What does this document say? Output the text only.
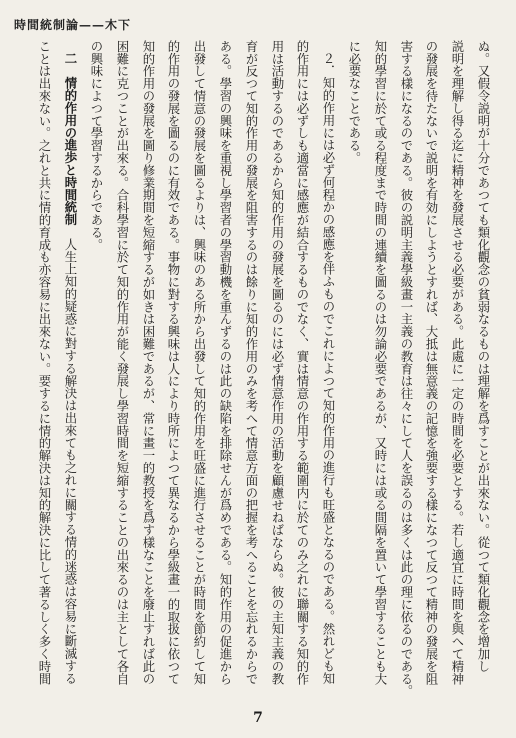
時間統制論——木下
ぬ。又假令説明が十分であつても類化觀念の貧弱なるものは理解を爲すことが出來ない。從つて類化觀念を增加し
説明を理解し得る迄に精神を發展させる必要がある。此處に一定の時間を必要とする。若し適宜に時間を與へて精神
の發展を待たないで説明を有効にしようとすれば、大抵は無意義の記憶を強要する樣になつて反つて精神の發展を阻
害する樣になるのである。彼の説明主義學級畫一主義の教育は往々にして人を誤るのは多くは此の理に依るのである。
知的學習に於て或る程度まで時間の連續を圖るのは勿論必要であるが、又時には或る間隔を置いて學習することも大
に必要なことである。
２．知的作用には必ず何程かの感應を伴ふものでこれによつて知的作用の進行も旺盛となるのである。然れども知
的作用には必ずしも適當に感應が結合するものでなく、實は情意の作用する範圍内に於てのみ之れに聯關する知的作
用は活動するのであるから知的作用の發展を圖るのには必ず情意作用の活動を顧慮せねばならぬ。彼の主知主義の教
育が反つて知的作用の發展を阻害するのは餘りに知的作用のみを考へて情意方面の把握を考へることを忘れるからで
ある。學習の興味を重視し學習者の學習動機を重んずるのは此の缺陷を排除せんが爲めである。知的作用の促進から
出發して情意の發展を圖るよりは、興味のある所から出發して知的作用を旺盛に進行させることが時間を節約して知
的作用の發展を圖るのに有效である。事物に對する興味は人により時所によつて異なるから學級畫一的取扱に依つて
知的作用の發展を圖り修業期間を短縮するが如きは困難であるが、常に畫一的教授を爲す樣なことを廢止すれば此の
困難に克つことが出來る。合科學習に於て知的作用が能く發展し學習時間を短縮することの出來るのは主として各自
の興味によつて學習するからである。
二　情的作用の進歩と時間統制　人生上知的疑惑に對する解決は出來ても之れに關する情的迷惑は容易に斷滅する
ことは出來ない。之れと共に情的育成も亦容易に出來ない。要するに情的解決は知的解決に比して著るしく多く時間
7
